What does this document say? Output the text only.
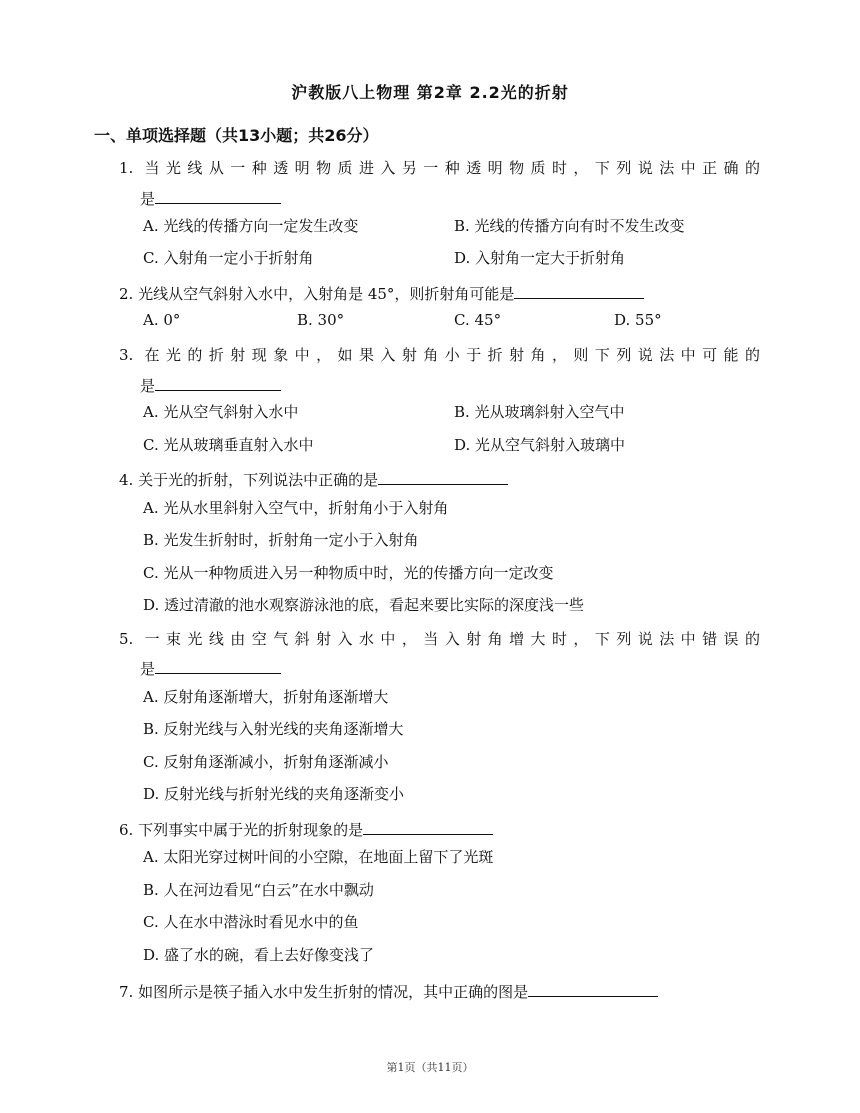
沪教版八上物理 第2章 2.2光的折射
一、单项选择题（共13小题；共26分）
1. 当光线从一种透明物质进入另一种透明物质时，下列说法中正确的
是
A. 光线的传播方向一定发生改变	B. 光线的传播方向有时不发生改变
C. 入射角一定小于折射角	D. 入射角一定大于折射角
2. 光线从空气斜射入水中，入射角是 45°，则折射角可能是
A. 0°	B. 30°	C. 45°	D. 55°
3. 在光的折射现象中，如果入射角小于折射角，则下列说法中可能的
是
A. 光从空气斜射入水中	B. 光从玻璃斜射入空气中
C. 光从玻璃垂直射入水中	D. 光从空气斜射入玻璃中
4. 关于光的折射，下列说法中正确的是
A. 光从水里斜射入空气中，折射角小于入射角
B. 光发生折射时，折射角一定小于入射角
C. 光从一种物质进入另一种物质中时，光的传播方向一定改变
D. 透过清澈的池水观察游泳池的底，看起来要比实际的深度浅一些
5. 一束光线由空气斜射入水中，当入射角增大时，下列说法中错误的
是
A. 反射角逐渐增大，折射角逐渐增大
B. 反射光线与入射光线的夹角逐渐增大
C. 反射角逐渐减小，折射角逐渐减小
D. 反射光线与折射光线的夹角逐渐变小
6. 下列事实中属于光的折射现象的是
A. 太阳光穿过树叶间的小空隙，在地面上留下了光斑
B. 人在河边看见“白云”在水中飘动
C. 人在水中潜泳时看见水中的鱼
D. 盛了水的碗，看上去好像变浅了
7. 如图所示是筷子插入水中发生折射的情况，其中正确的图是
第1页（共11页）
